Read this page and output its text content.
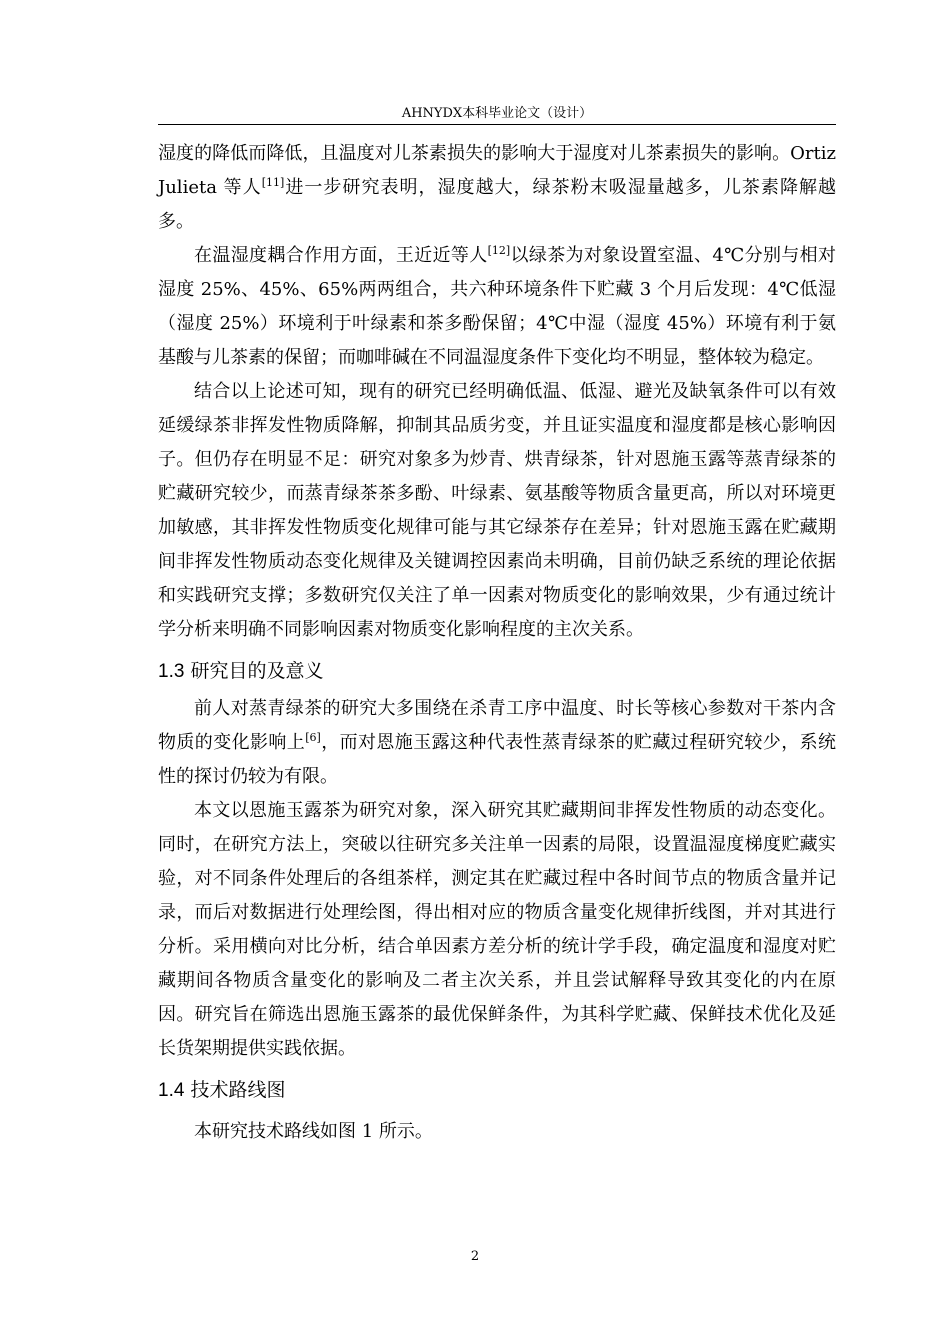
AHNYDX本科毕业论文（设计）

湿度的降低而降低，且温度对儿茶素损失的影响大于湿度对儿茶素损失的影响。Ortiz Julieta 等人[11]进一步研究表明，湿度越大，绿茶粉末吸湿量越多，儿茶素降解越多。

在温湿度耦合作用方面，王近近等人[12]以绿茶为对象设置室温、4℃分别与相对湿度 25%、45%、65%两两组合，共六种环境条件下贮藏 3 个月后发现：4℃低湿（湿度 25%）环境利于叶绿素和茶多酚保留；4℃中湿（湿度 45%）环境有利于氨基酸与儿茶素的保留；而咖啡碱在不同温湿度条件下变化均不明显，整体较为稳定。

结合以上论述可知，现有的研究已经明确低温、低湿、避光及缺氧条件可以有效延缓绿茶非挥发性物质降解，抑制其品质劣变，并且证实温度和湿度都是核心影响因子。但仍存在明显不足：研究对象多为炒青、烘青绿茶，针对恩施玉露等蒸青绿茶的贮藏研究较少，而蒸青绿茶茶多酚、叶绿素、氨基酸等物质含量更高，所以对环境更加敏感，其非挥发性物质变化规律可能与其它绿茶存在差异；针对恩施玉露在贮藏期间非挥发性物质动态变化规律及关键调控因素尚未明确，目前仍缺乏系统的理论依据和实践研究支撑；多数研究仅关注了单一因素对物质变化的影响效果，少有通过统计学分析来明确不同影响因素对物质变化影响程度的主次关系。

1.3 研究目的及意义

前人对蒸青绿茶的研究大多围绕在杀青工序中温度、时长等核心参数对干茶内含物质的变化影响上[6]，而对恩施玉露这种代表性蒸青绿茶的贮藏过程研究较少，系统性的探讨仍较为有限。

本文以恩施玉露茶为研究对象，深入研究其贮藏期间非挥发性物质的动态变化。同时，在研究方法上，突破以往研究多关注单一因素的局限，设置温湿度梯度贮藏实验，对不同条件处理后的各组茶样，测定其在贮藏过程中各时间节点的物质含量并记录，而后对数据进行处理绘图，得出相对应的物质含量变化规律折线图，并对其进行分析。采用横向对比分析，结合单因素方差分析的统计学手段，确定温度和湿度对贮藏期间各物质含量变化的影响及二者主次关系，并且尝试解释导致其变化的内在原因。研究旨在筛选出恩施玉露茶的最优保鲜条件，为其科学贮藏、保鲜技术优化及延长货架期提供实践依据。

1.4 技术路线图

本研究技术路线如图 1 所示。

2
